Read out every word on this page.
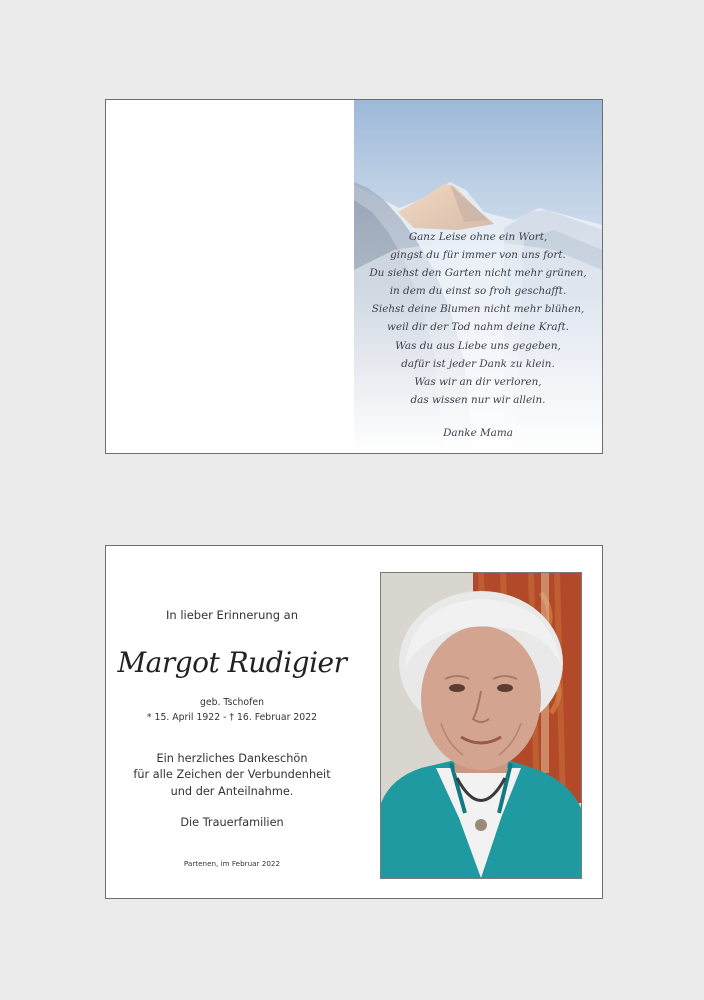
Ganz Leise ohne ein Wort,
gingst du für immer von uns fort.
Du siehst den Garten nicht mehr grünen,
in dem du einst so froh geschafft.
Siehst deine Blumen nicht mehr blühen,
weil dir der Tod nahm deine Kraft.
Was du aus Liebe uns gegeben,
dafür ist jeder Dank zu klein.
Was wir an dir verloren,
das wissen nur wir allein.
Danke Mama
In lieber Erinnerung an
Margot Rudigier
geb. Tschofen
* 15. April 1922 - † 16. Februar 2022
Ein herzliches Dankeschön
für alle Zeichen der Verbundenheit
und der Anteilnahme.
Die Trauerfamilien
Partenen, im Februar 2022
